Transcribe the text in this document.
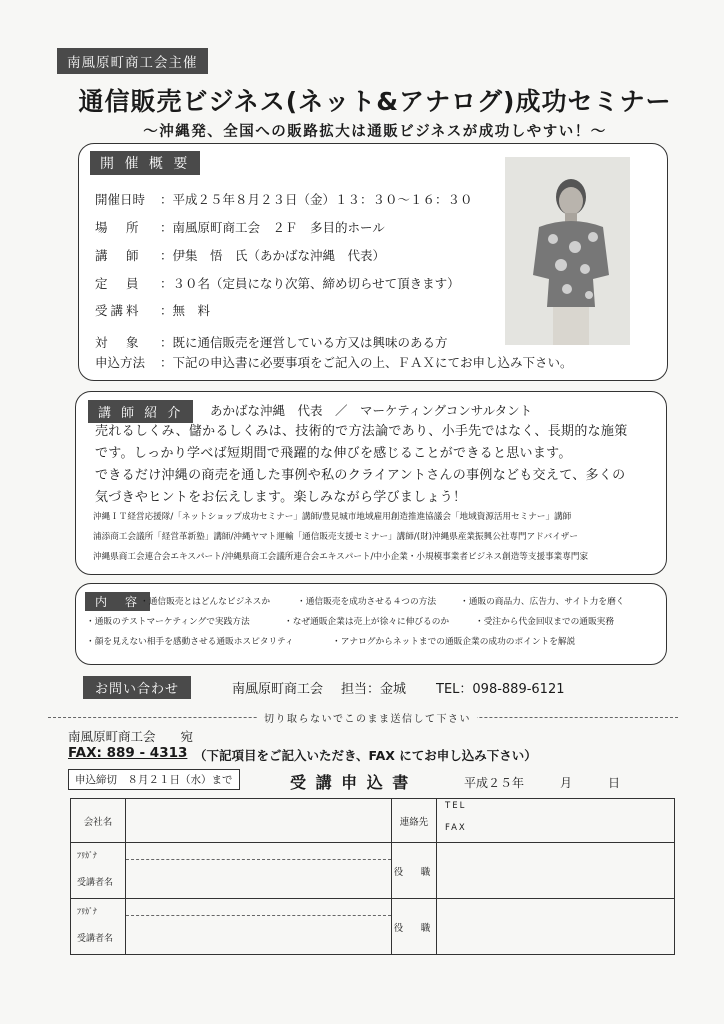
南風原町商工会主催
通信販売ビジネス(ネット&アナログ)成功セミナー
～沖縄発、全国への販路拡大は通販ビジネスが成功しやすい！～
開 催 概 要
開催日時 ：平成２５年８月２３日（金）１３：３０～１６：３０
場　所 ：南風原町商工会　２Ｆ　多目的ホール
講　師 ：伊集　悟　氏（あかばな沖縄　代表）
定　員 ：３０名（定員になり次第、締め切らせて頂きます）
受講料 ：無　料
対　象 ：既に通信販売を運営している方又は興味のある方
申込方法 ：下記の申込書に必要事項をご記入の上、ＦＡＸにてお申し込み下さい。
講 師 紹 介	あかばな沖縄　代表　／　マーケティングコンサルタント
売れるしくみ、儲かるしくみは、技術的で方法論であり、小手先ではなく、長期的な施策
です。しっかり学べば短期間で飛躍的な伸びを感じることができると思います。
できるだけ沖縄の商売を通した事例や私のクライアントさんの事例なども交えて、多くの
気づきやヒントをお伝えします。楽しみながら学びましょう！
沖縄ＩＴ経営応援隊/「ネットショップ成功セミナー」講師/豊見城市地域雇用創造推進協議会「地域資源活用セミナー」講師
浦添商工会議所「経営革新塾」講師/沖縄ヤマト運輸「通信販売支援セミナー」講師/(財)沖縄県産業振興公社専門アドバイザー
沖縄県商工会連合会エキスパート/沖縄県商工会議所連合会エキスパート/中小企業・小規模事業者ビジネス創造等支援事業専門家
内　容 ・通信販売とはどんなビジネスか	・通信販売を成功させる４つの方法	・通販の商品力、広告力、サイト力を磨く
・通販のテストマーケティングで実践方法	・なぜ通販企業は売上が徐々に伸びるのか	・受注から代金回収までの通販実務
・顔を見えない相手を感動させる通販ホスピタリティ	・アナログからネットまでの通販企業の成功のポイントを解説
お問い合わせ	南風原町商工会 担当：金城 TEL：098-889-6121
切り取らないでこのまま送信して下さい
南風原町商工会　　宛
FAX: 889 - 4313 （下記項目をご記入いただき、FAX にてお申し込み下さい）
申込締切　８月２１日（水）まで	受 講 申 込 書	平成２５年　　　月　　　日
会社名		連絡先	TEL
FAX

ﾌﾘｶﾞﾅ
受講者名		役　職	

ﾌﾘｶﾞﾅ
受講者名		役　職	
